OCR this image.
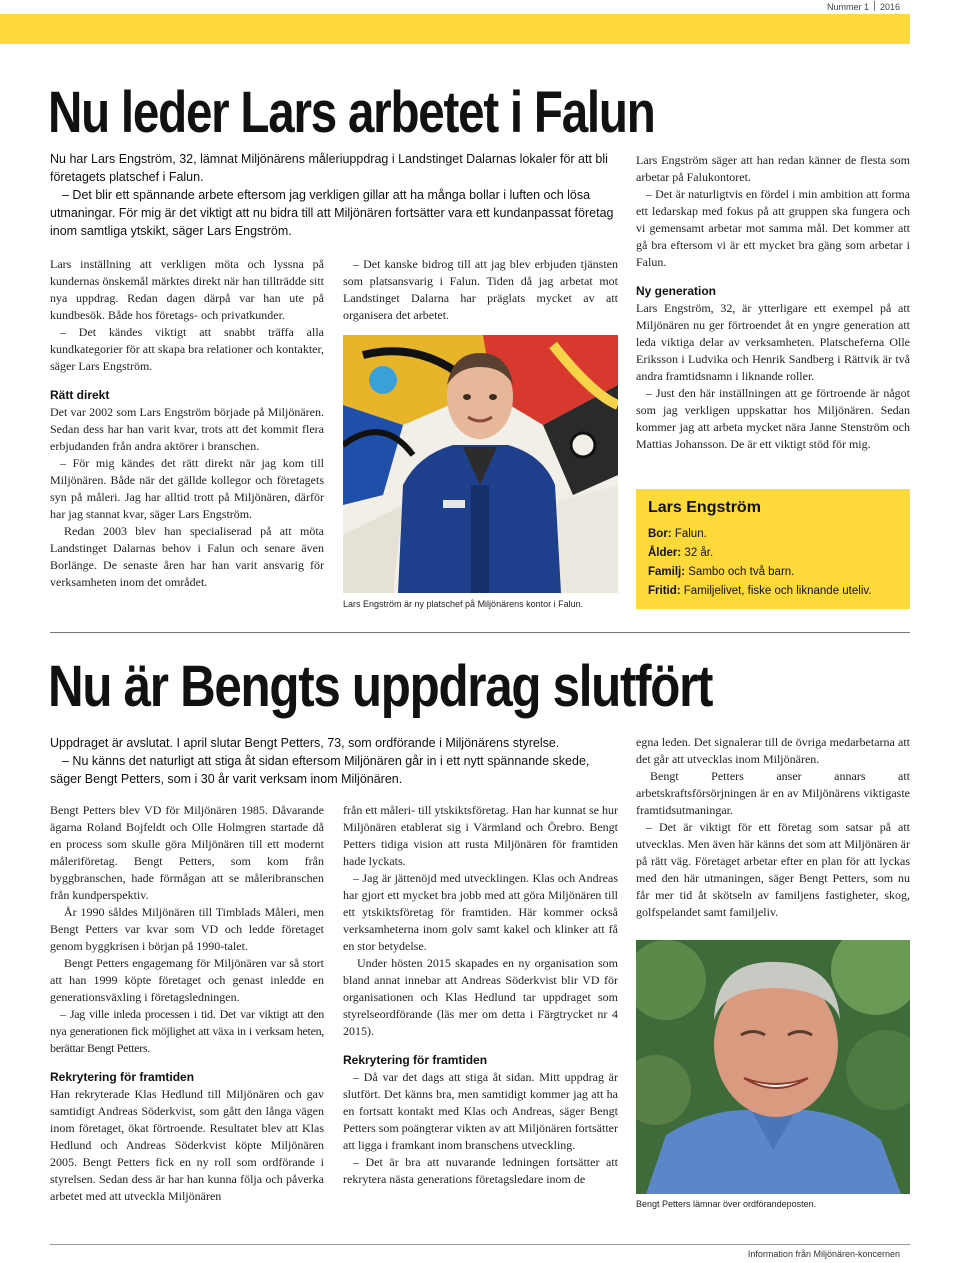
Nummer 1 2016
Nu leder Lars arbetet i Falun

Nu har Lars Engström, 32, lämnat Miljönärens måleriuppdrag i Landstinget Dalarnas lokaler för att bli företagets platschef i Falun.

– Det blir ett spännande arbete eftersom jag verkligen gillar att ha många bollar i luften och lösa utmaningar. För mig är det viktigt att nu bidra till att Miljönären fortsätter vara ett kundanpassat företag inom samtliga ytskikt, säger Lars Engström.

Lars inställning att verkligen möta och lyssna på kundernas önskemål märktes direkt när han tillträdde sitt nya uppdrag. Redan dagen därpå var han ute på kundbesök. Både hos företags- och privatkunder.

– Det kändes viktigt att snabbt träffa alla kundkategorier för att skapa bra relationer och kontakter, säger Lars Engström.

Rätt direkt

Det var 2002 som Lars Engström började på Miljönären. Sedan dess har han varit kvar, trots att det kommit flera erbjudanden från andra aktörer i branschen.

– För mig kändes det rätt direkt när jag kom till Miljönären. Både när det gällde kollegor och företagets syn på måleri. Jag har alltid trott på Miljönären, därför har jag stannat kvar, säger Lars Engström.

Redan 2003 blev han specialiserad på att möta Landstinget Dalarnas behov i Falun och senare även Borlänge. De senaste åren har han varit ansvarig för verksamheten inom det området.

– Det kanske bidrog till att jag blev erbjuden tjänsten som platsansvarig i Falun. Tiden då jag arbetat mot Landstinget Dalarna har präglats mycket av att organisera det arbetet.

Lars Engström är ny platschef på Miljönärens kontor i Falun.

Lars Engström säger att han redan känner de flesta som arbetar på Falukontoret.

– Det är naturligtvis en fördel i min ambition att forma ett ledarskap med fokus på att gruppen ska fungera och vi gemensamt arbetar mot samma mål. Det kommer att gå bra eftersom vi är ett mycket bra gäng som arbetar i Falun.

Ny generation

Lars Engström, 32, är ytterligare ett exempel på att Miljönären nu ger förtroendet åt en yngre generation att leda viktiga delar av verksamheten. Platscheferna Olle Eriksson i Ludvika och Henrik Sandberg i Rättvik är två andra framtidsnamn i liknande roller.

– Just den här inställningen att ge förtroende är något som jag verkligen uppskattar hos Miljönären. Sedan kommer jag att arbeta mycket nära Janne Stenström och Mattias Johansson. De är ett viktigt stöd för mig.

Lars Engström
Bor: Falun.
Ålder: 32 år.
Familj: Sambo och två barn.
Fritid: Familjelivet, fiske och liknande uteliv.
Nu är Bengts uppdrag slutfört

Uppdraget är avslutat. I april slutar Bengt Petters, 73, som ordförande i Miljönärens styrelse.

– Nu känns det naturligt att stiga åt sidan eftersom Miljönären går in i ett nytt spännande skede, säger Bengt Petters, som i 30 år varit verksam inom Miljönären.

Bengt Petters blev VD för Miljönären 1985. Dåvarande ägarna Roland Bojfeldt och Olle Holmgren startade då en process som skulle göra Miljönären till ett modernt måleriföretag. Bengt Petters, som kom från byggbranschen, hade förmågan att se måleribranschen från kundperspektiv.

År 1990 såldes Miljönären till Timblads Måleri, men Bengt Petters var kvar som VD och ledde företaget genom byggkrisen i början på 1990-talet.

Bengt Petters engagemang för Miljönären var så stort att han 1999 köpte företaget och genast inledde en generationsväxling i företagsledningen.

– Jag ville inleda processen i tid. Det var viktigt att den nya generationen fick möjlighet att växa in i verksam heten, berättar Bengt Petters.

Rekrytering för framtiden

Han rekryterade Klas Hedlund till Miljönären och gav samtidigt Andreas Söderkvist, som gått den långa vägen inom företaget, ökat förtroende. Resultatet blev att Klas Hedlund och Andreas Söderkvist köpte Miljönären 2005. Bengt Petters fick en ny roll som ordförande i styrelsen. Sedan dess är har han kunna följa och påverka arbetet med att utveckla Miljönären

från ett måleri- till ytskiktsföretag. Han har kunnat se hur Miljönären etablerat sig i Värmland och Örebro. Bengt Petters tidiga vision att rusta Miljönären för framtiden hade lyckats.

– Jag är jättenöjd med utvecklingen. Klas och Andreas har gjort ett mycket bra jobb med att göra Miljönären till ett ytskiktsföretag för framtiden. Här kommer också verksamheterna inom golv samt kakel och klinker att få en stor betydelse.

Under hösten 2015 skapades en ny organisation som bland annat innebar att Andreas Söderkvist blir VD för organisationen och Klas Hedlund tar uppdraget som styrelseordförande (läs mer om detta i Färgtrycket nr 4 2015).

Rekrytering för framtiden

– Då var det dags att stiga åt sidan. Mitt uppdrag är slutfört. Det känns bra, men samtidigt kommer jag att ha en fortsatt kontakt med Klas och Andreas, säger Bengt Petters som poängterar vikten av att Miljönären fortsätter att ligga i framkant inom branschens utveckling.

– Det är bra att nuvarande ledningen fortsätter att rekrytera nästa generations företagsledare inom de

egna leden. Det signalerar till de övriga medarbetarna att det går att utvecklas inom Miljönären.

Bengt Petters anser annars att arbetskraftsförsörjningen är en av Miljönärens viktigaste framtidsutmaningar.

– Det är viktigt för ett företag som satsar på att utvecklas. Men även här känns det som att Miljönären är på rätt väg. Företaget arbetar efter en plan för att lyckas med den här utmaningen, säger Bengt Petters, som nu får mer tid åt skötseln av familjens fastigheter, skog, golfspelandet samt familjeliv.

Bengt Petters lämnar över ordförandeposten.
Information från Miljönären-koncernen
